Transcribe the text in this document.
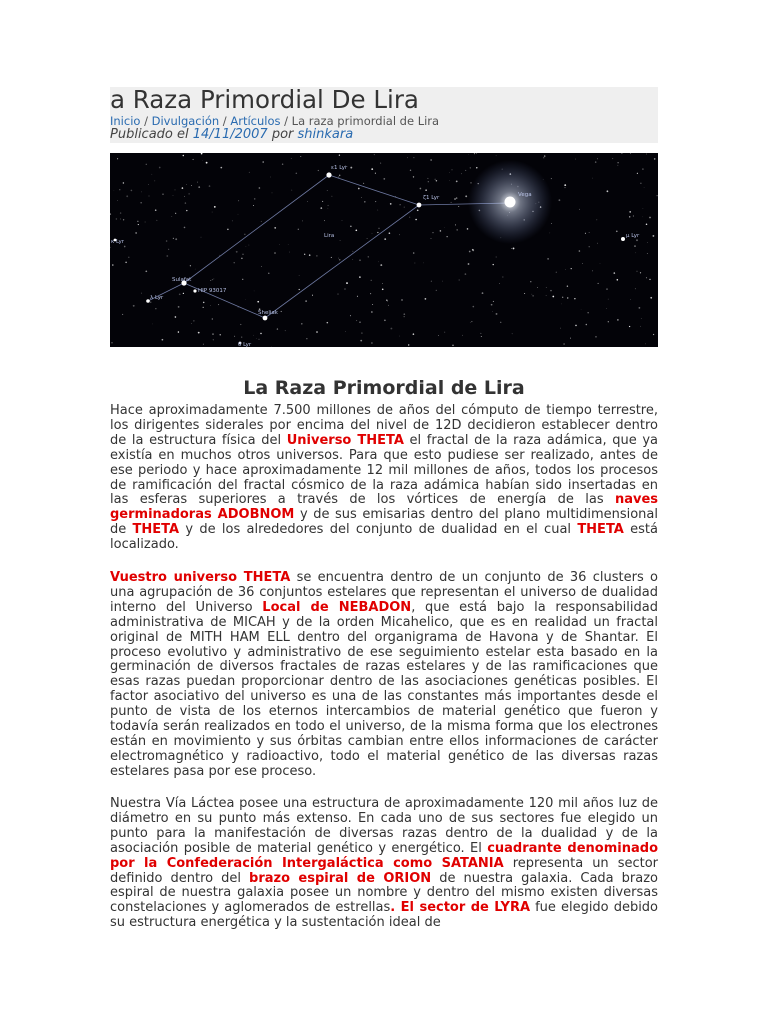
a Raza Primordial De Lira
Inicio / Divulgación / Artículos / La raza primordial de Lira
Publicado el 14/11/2007 por shinkara
ε1 Lyr
ζ1 Lyr	Vega
Lira	μ Lyr
κ Lyr
λ Lyr
Sulafat
HIP 93017
Sheliak
θ Lyr
La Raza Primordial de Lira

Hace aproximadamente 7.500 millones de años del cómputo de tiempo terrestre, los dirigentes siderales por encima del nivel de 12D decidieron establecer dentro de la estructura física del Universo THETA el fractal de la raza adámica, que ya existía en muchos otros universos. Para que esto pudiese ser realizado, antes de ese periodo y hace aproximadamente 12 mil millones de años, todos los procesos de ramificación del fractal cósmico de la raza adámica habían sido insertadas en las esferas superiores a través de los vórtices de energía de las naves germinadoras ADOBNOM y de sus emisarias dentro del plano multidimensional de THETA y de los alrededores del conjunto de dualidad en el cual THETA está localizado.

Vuestro universo THETA se encuentra dentro de un conjunto de 36 clusters o una agrupación de 36 conjuntos estelares que representan el universo de dualidad interno del Universo Local de NEBADON, que está bajo la responsabilidad administrativa de MICAH y de la orden Micahelico, que es en realidad un fractal original de MITH HAM ELL dentro del organigrama de Havona y de Shantar. El proceso evolutivo y administrativo de ese seguimiento estelar esta basado en la germinación de diversos fractales de razas estelares y de las ramificaciones que esas razas puedan proporcionar dentro de las asociaciones genéticas posibles. El factor asociativo del universo es una de las constantes más importantes desde el punto de vista de los eternos intercambios de material genético que fueron y todavía serán realizados en todo el universo, de la misma forma que los electrones están en movimiento y sus órbitas cambian entre ellos informaciones de carácter electromagnético y radioactivo, todo el material genético de las diversas razas estelares pasa por ese proceso.

Nuestra Vía Láctea posee una estructura de aproximadamente 120 mil años luz de diámetro en su punto más extenso. En cada uno de sus sectores fue elegido un punto para la manifestación de diversas razas dentro de la dualidad y de la asociación posible de material genético y energético. El cuadrante denominado por la Confederación Intergaláctica como SATANIA representa un sector definido dentro del brazo espiral de ORION de nuestra galaxia. Cada brazo espiral de nuestra galaxia posee un nombre y dentro del mismo existen diversas constelaciones y aglomerados de estrellas. El sector de LYRA fue elegido debido su estructura energética y la sustentación ideal de
